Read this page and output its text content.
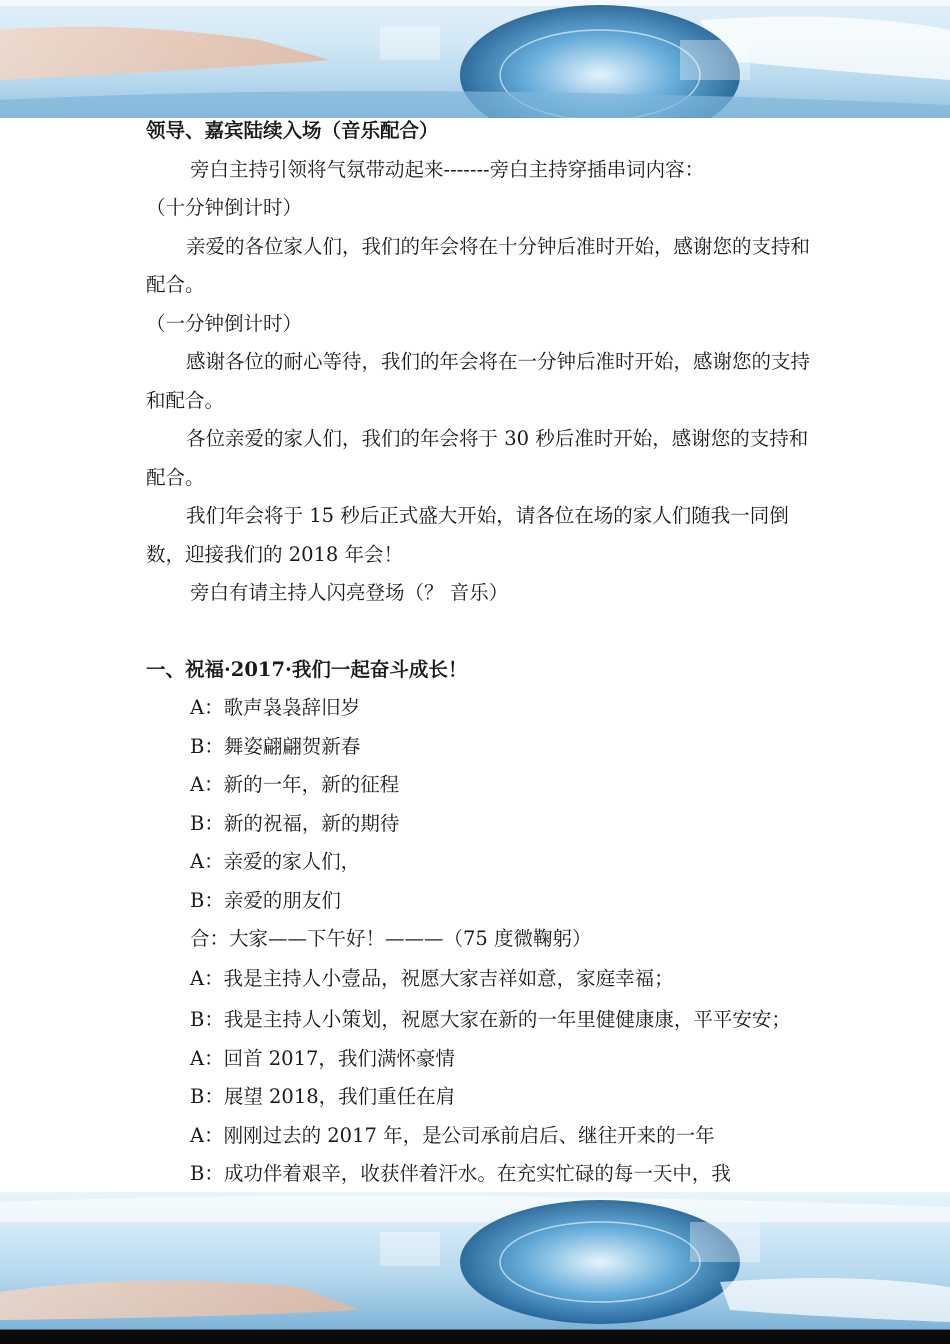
领导、嘉宾陆续入场（音乐配合）

旁白主持引领将气氛带动起来-------旁白主持穿插串词内容：

（十分钟倒计时）

亲爱的各位家人们，我们的年会将在十分钟后准时开始，感谢您的支持和配合。

（一分钟倒计时）

感谢各位的耐心等待，我们的年会将在一分钟后准时开始，感谢您的支持和配合。

各位亲爱的家人们，我们的年会将于 30 秒后准时开始，感谢您的支持和配合。

我们年会将于 15 秒后正式盛大开始，请各位在场的家人们随我一同倒数，迎接我们的 2018 年会！

旁白有请主持人闪亮登场（？ 音乐）

一、祝福·2017·我们一起奋斗成长！

A：歌声袅袅辞旧岁

B：舞姿翩翩贺新春

A：新的一年，新的征程

B：新的祝福，新的期待

A：亲爱的家人们，

B：亲爱的朋友们

合：大家——下午好！———（75 度微鞠躬）

A：我是主持人小壹品，祝愿大家吉祥如意，家庭幸福；

B：我是主持人小策划，祝愿大家在新的一年里健健康康，平平安安；

A：回首 2017，我们满怀豪情

B：展望 2018，我们重任在肩

A：刚刚过去的 2017 年，是公司承前启后、继往开来的一年

B：成功伴着艰辛，收获伴着汗水。在充实忙碌的每一天中，我
